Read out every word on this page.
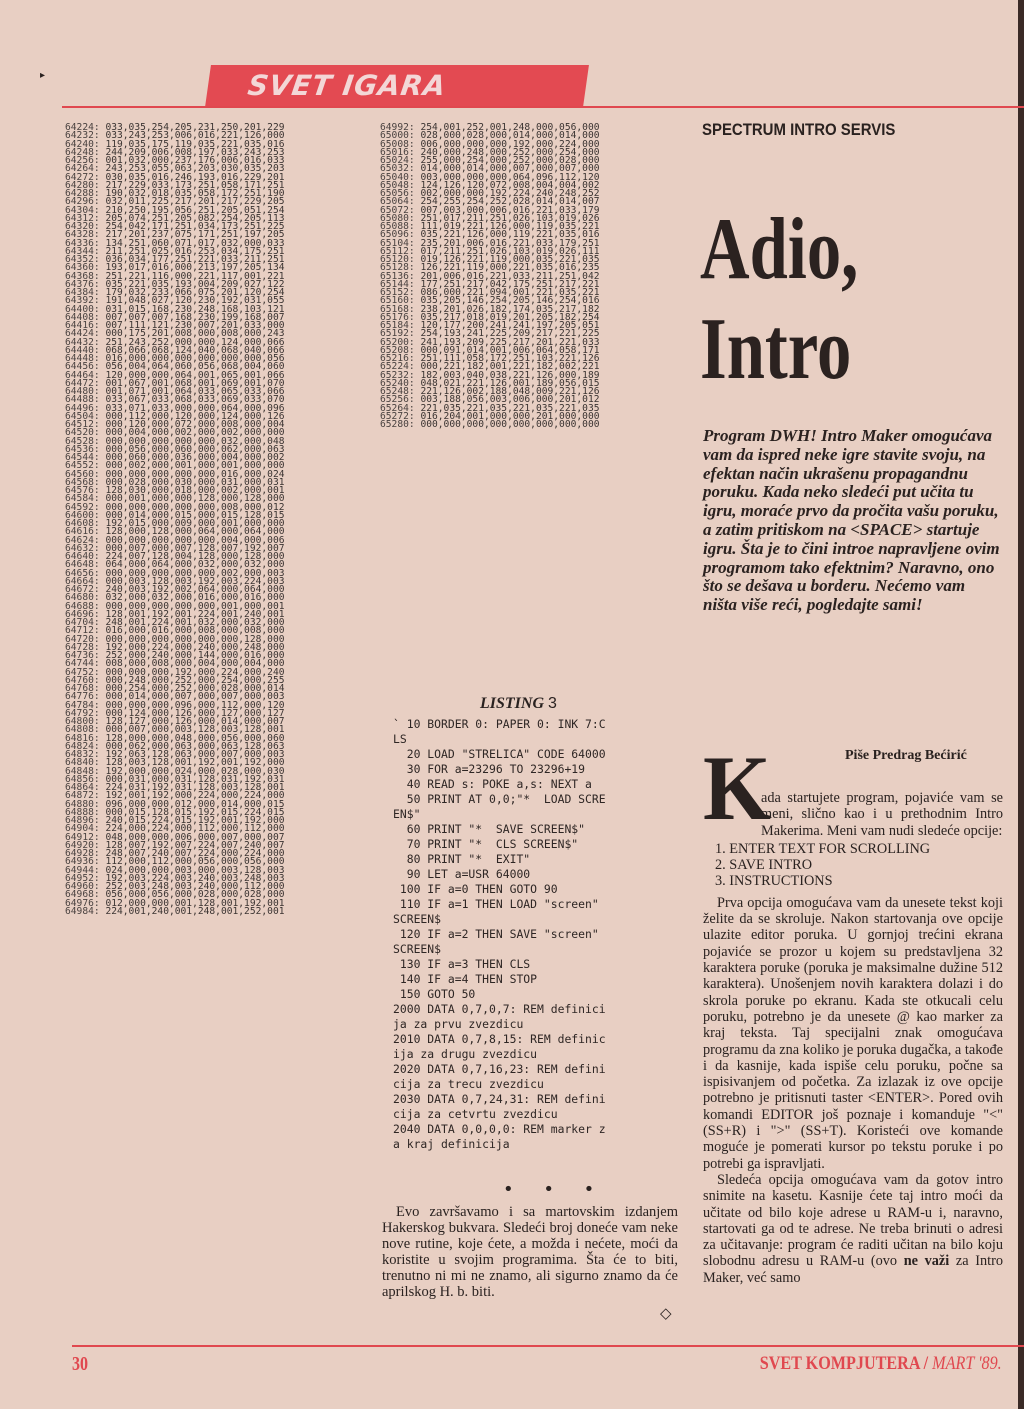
▸	SVET IGARA
64224: 033,035,254,205,231,250,201,229
64232: 033,243,253,006,016,221,126,000
64240: 119,035,175,119,035,221,035,016
64248: 244,209,006,008,197,033,243,253
64256: 001,032,000,237,176,006,016,033
64264: 243,253,055,063,203,030,035,203
64272: 030,035,016,246,193,016,229,201
64280: 217,229,033,173,251,058,171,251
64288: 190,032,018,035,058,172,251,190
64296: 032,011,225,217,201,217,229,205
64304: 210,250,195,056,251,205,051,254
64312: 205,074,251,205,082,254,205,113
64320: 254,042,171,251,034,173,251,225
64328: 217,201,237,075,171,251,197,205
64336: 134,251,060,071,017,032,000,033
64344: 211,251,025,016,253,034,175,251
64352: 036,034,177,251,221,033,211,251
64360: 193,017,016,000,213,197,205,134
64368: 251,221,116,000,221,117,001,221
64376: 035,221,035,193,004,209,027,122
64384: 179,032,233,066,075,201,120,254
64392: 191,048,027,120,230,192,031,055
64400: 031,015,168,230,248,168,103,121
64408: 007,007,007,168,230,199,168,007
64416: 007,111,121,230,007,201,033,000
64424: 000,175,201,008,000,008,000,243
64432: 251,243,252,000,000,124,000,066
64440: 068,066,068,124,040,068,040,066
64448: 016,000,000,000,000,000,000,056
64456: 056,004,064,060,056,068,004,060
64464: 120,000,000,064,001,065,001,066
64472: 001,067,001,068,001,069,001,070
64480: 001,071,001,064,033,065,033,066
64488: 033,067,033,068,033,069,033,070
64496: 033,071,033,000,000,064,000,096
64504: 000,112,000,120,000,124,000,126
64512: 000,120,000,072,000,008,000,004
64520: 000,004,000,002,000,002,000,000
64528: 000,000,000,000,000,032,000,048
64536: 000,056,000,060,000,062,000,063
64544: 000,060,000,036,000,004,000,002
64552: 000,002,000,001,000,001,000,000
64560: 000,000,000,000,000,016,000,024
64568: 000,028,000,030,000,031,000,031
64576: 128,030,000,018,000,002,000,001
64584: 000,001,000,000,128,000,128,000
64592: 000,000,000,000,000,008,000,012
64600: 000,014,000,015,000,015,128,015
64608: 192,015,000,009,000,001,000,000
64616: 128,000,128,000,064,000,064,000
64624: 000,000,000,000,000,004,000,006
64632: 000,007,000,007,128,007,192,007
64640: 224,007,128,004,128,000,128,000
64648: 064,000,064,000,032,000,032,000
64656: 000,000,000,000,000,002,000,003
64664: 000,003,128,003,192,003,224,003
64672: 240,003,192,002,064,000,064,000
64680: 032,000,032,000,016,000,016,000
64688: 000,000,000,000,000,001,000,001
64696: 128,001,192,001,224,001,240,001
64704: 248,001,224,001,032,000,032,000
64712: 016,000,016,000,008,000,008,000
64720: 000,000,000,000,000,000,128,000
64728: 192,000,224,000,240,000,248,000
64736: 252,000,240,000,144,000,016,000
64744: 008,000,008,000,004,000,004,000
64752: 000,000,000,192,000,224,000,240
64760: 000,248,000,252,000,254,000,255
64768: 000,254,000,252,000,028,000,014
64776: 000,014,000,007,000,007,000,003
64784: 000,000,000,096,000,112,000,120
64792: 000,124,000,126,000,127,000,127
64800: 128,127,000,126,000,014,000,007
64808: 000,007,000,003,128,003,128,001
64816: 128,000,000,048,000,056,000,060
64824: 000,062,000,063,000,063,128,063
64832: 192,063,128,063,000,007,000,003
64840: 128,003,128,001,192,001,192,000
64848: 192,000,000,024,000,028,000,030
64856: 000,031,000,031,128,031,192,031
64864: 224,031,192,031,128,003,128,001
64872: 192,001,192,000,224,000,224,000
64880: 096,000,000,012,000,014,000,015
64888: 000,015,128,015,192,015,224,015
64896: 240,015,224,015,192,001,192,000
64904: 224,000,224,000,112,000,112,000
64912: 048,000,000,006,000,007,000,007
64920: 128,007,192,007,224,007,240,007
64928: 248,007,240,007,224,000,224,000
64936: 112,000,112,000,056,000,056,000
64944: 024,000,000,003,000,003,128,003
64952: 192,003,224,003,240,003,248,003
64960: 252,003,248,003,240,000,112,000
64968: 056,000,056,000,028,000,028,000
64976: 012,000,000,001,128,001,192,001
64984: 224,001,240,001,248,001,252,001
64992: 254,001,252,001,248,000,056,000
65000: 028,000,028,000,014,000,014,000
65008: 006,000,000,000,192,000,224,000
65016: 240,000,248,000,252,000,254,000
65024: 255,000,254,000,252,000,028,000
65032: 014,000,014,000,007,000,007,000
65040: 003,000,000,000,064,096,112,120
65048: 124,126,120,072,008,004,004,002
65056: 002,000,000,192,224,240,248,252
65064: 254,255,254,252,028,014,014,007
65072: 007,003,000,006,016,221,033,179
65080: 251,017,211,251,026,103,019,026
65088: 111,019,221,126,000,119,035,221
65096: 035,221,126,000,119,221,035,016
65104: 235,201,006,016,221,033,179,251
65112: 017,211,251,026,103,019,026,111
65120: 019,126,221,119,000,035,221,035
65128: 126,221,119,000,221,035,016,235
65136: 201,006,016,221,033,211,251,042
65144: 177,251,217,042,175,251,217,221
65152: 086,000,221,094,001,221,035,221
65160: 035,205,146,254,205,146,254,016
65168: 238,201,026,182,174,035,217,182
65176: 035,217,018,019,201,205,182,254
65184: 120,177,200,241,241,197,205,051
65192: 254,193,241,225,209,217,221,225
65200: 241,193,209,225,217,201,221,033
65208: 000,091,014,001,006,064,058,171
65216: 251,111,058,172,251,103,221,126
65224: 000,221,182,001,221,182,002,221
65232: 182,003,040,038,221,126,000,189
65240: 048,021,221,126,001,189,056,015
65248: 221,126,002,188,048,009,221,126
65256: 003,188,056,003,006,000,201,012
65264: 221,035,221,035,221,035,221,035
65272: 016,204,001,000,000,201,000,000
65280: 000,000,000,000,000,000,000,000
LISTING 3
` 10 BORDER 0: PAPER 0: INK 7:C
LS
20 LOAD "STRELICA" CODE 64000
30 FOR a=23296 TO 23296+19
40 READ s: POKE a,s: NEXT a
50 PRINT AT 0,0;"*  LOAD SCRE
EN$"
60 PRINT "*  SAVE SCREEN$"
70 PRINT "*  CLS SCREEN$"
80 PRINT "*  EXIT"
90 LET a=USR 64000
100 IF a=0 THEN GOTO 90
110 IF a=1 THEN LOAD "screen"
SCREEN$
120 IF a=2 THEN SAVE "screen"
SCREEN$
130 IF a=3 THEN CLS
140 IF a=4 THEN STOP
150 GOTO 50
2000 DATA 0,7,0,7: REM definici
ja za prvu zvezdicu
2010 DATA 0,7,8,15: REM definic
ija za drugu zvezdicu
2020 DATA 0,7,16,23: REM defini
cija za trecu zvezdicu
2030 DATA 0,7,24,31: REM defini
cija za cetvrtu zvezdicu
2040 DATA 0,0,0,0: REM marker z
a kraj definicija
• • •
Evo završavamo i sa martovskim izdanjem Hakerskog bukvara. Sledeći broj doneće vam neke nove rutine, koje ćete, a možda i nećete, moći da koristite u svojim programima. Šta će to biti, trenutno ni mi ne znamo, ali sigurno znamo da će aprilskog H. b. biti.
◇
SPECTRUM INTRO SERVIS
Adio,
Intro
Program DWH! Intro Maker omogućava vam da ispred neke igre stavite svoju, na efektan način ukrašenu propagandnu poruku. Kada neko sledeći put učita tu igru, moraće prvo da pročita vašu poruku, a zatim pritiskom na <SPACE> startuje igru. Šta je to čini introe napravljene ovim programom tako efektnim? Naravno, ono što se dešava u borderu. Nećemo vam ništa više reći, pogledajte sami!
K	Piše Predrag Bećirić
ada startujete program, pojaviće vam se meni, slično kao i u prethodnim Intro Makerima. Meni vam nudi sledeće opcije:
1. ENTER TEXT FOR SCROLLING
2. SAVE INTRO
3. INSTRUCTIONS

Prva opcija omogućava vam da unesete tekst koji želite da se skroluje. Nakon startovanja ove opcije ulazite editor poruka. U gornjoj trećini ekrana pojaviće se prozor u kojem su predstavljena 32 karaktera poruke (poruka je maksimalne dužine 512 karaktera). Unošenjem novih karaktera dolazi i do skrola poruke po ekranu. Kada ste otkucali celu poruku, potrebno je da unesete @ kao marker za kraj teksta. Taj specijalni znak omogućava programu da zna koliko je poruka dugačka, a takođe i da kasnije, kada ispiše celu poruku, počne sa ispisivanjem od početka. Za izlazak iz ove opcije potrebno je pritisnuti taster <ENTER>. Pored ovih komandi EDITOR još poznaje i komanduje "<" (SS+R) i ">" (SS+T). Koristeći ove komande moguće je pomerati kursor po tekstu poruke i po potrebi ga ispravljati.

Sledeća opcija omogućava vam da gotov intro snimite na kasetu. Kasnije ćete taj intro moći da učitate od bilo koje adrese u RAM-u i, naravno, startovati ga od te adrese. Ne treba brinuti o adresi za učitavanje: program će raditi učitan na bilo koju slobodnu adresu u RAM-u (ovo ne važi za Intro Maker, već samo

30	SVET KOMPJUTERA / MART '89.
